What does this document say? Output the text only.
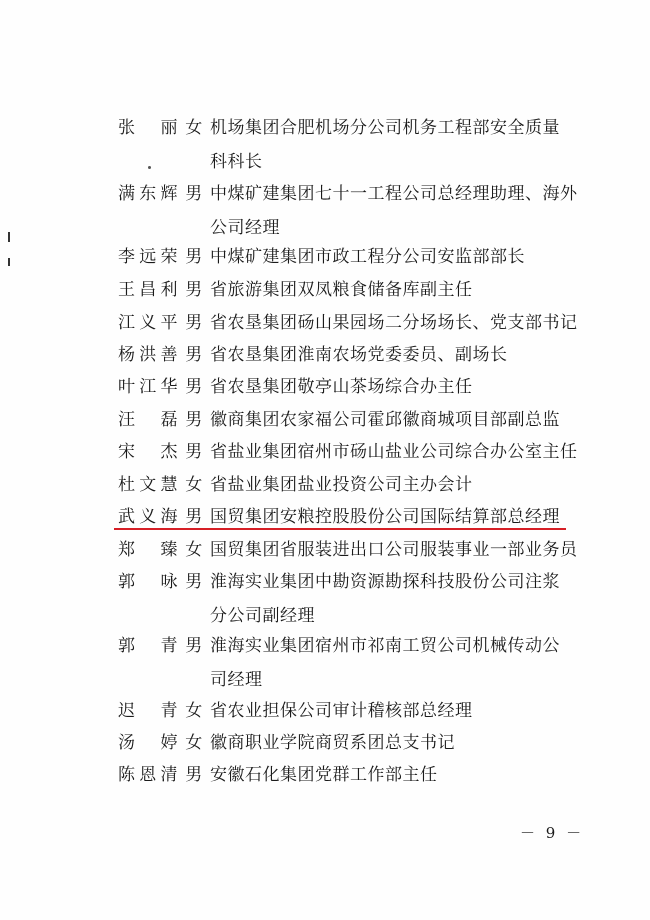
张丽 女 机场集团合肥机场分公司机务工程部安全质量
科科长
满东辉 男 中煤矿建集团七十一工程公司总经理助理、海外
公司经理
李远荣 男 中煤矿建集团市政工程分公司安监部部长
王昌利 男 省旅游集团双凤粮食储备库副主任
江义平 男 省农垦集团砀山果园场二分场场长、党支部书记
杨洪善 男 省农垦集团淮南农场党委委员、副场长
叶江华 男 省农垦集团敬亭山茶场综合办主任
汪磊 男 徽商集团农家福公司霍邱徽商城项目部副总监
宋杰 男 省盐业集团宿州市砀山盐业公司综合办公室主任
杜文慧 女 省盐业集团盐业投资公司主办会计
武义海 男 国贸集团安粮控股股份公司国际结算部总经理
郑臻 女 国贸集团省服装进出口公司服装事业一部业务员
郭咏 男 淮海实业集团中勘资源勘探科技股份公司注浆
分公司副经理
郭青 男 淮海实业集团宿州市祁南工贸公司机械传动公
司经理
迟青 女 省农业担保公司审计稽核部总经理
汤婷 女 徽商职业学院商贸系团总支书记
陈恩清 男 安徽石化集团党群工作部主任
－ 9 －
